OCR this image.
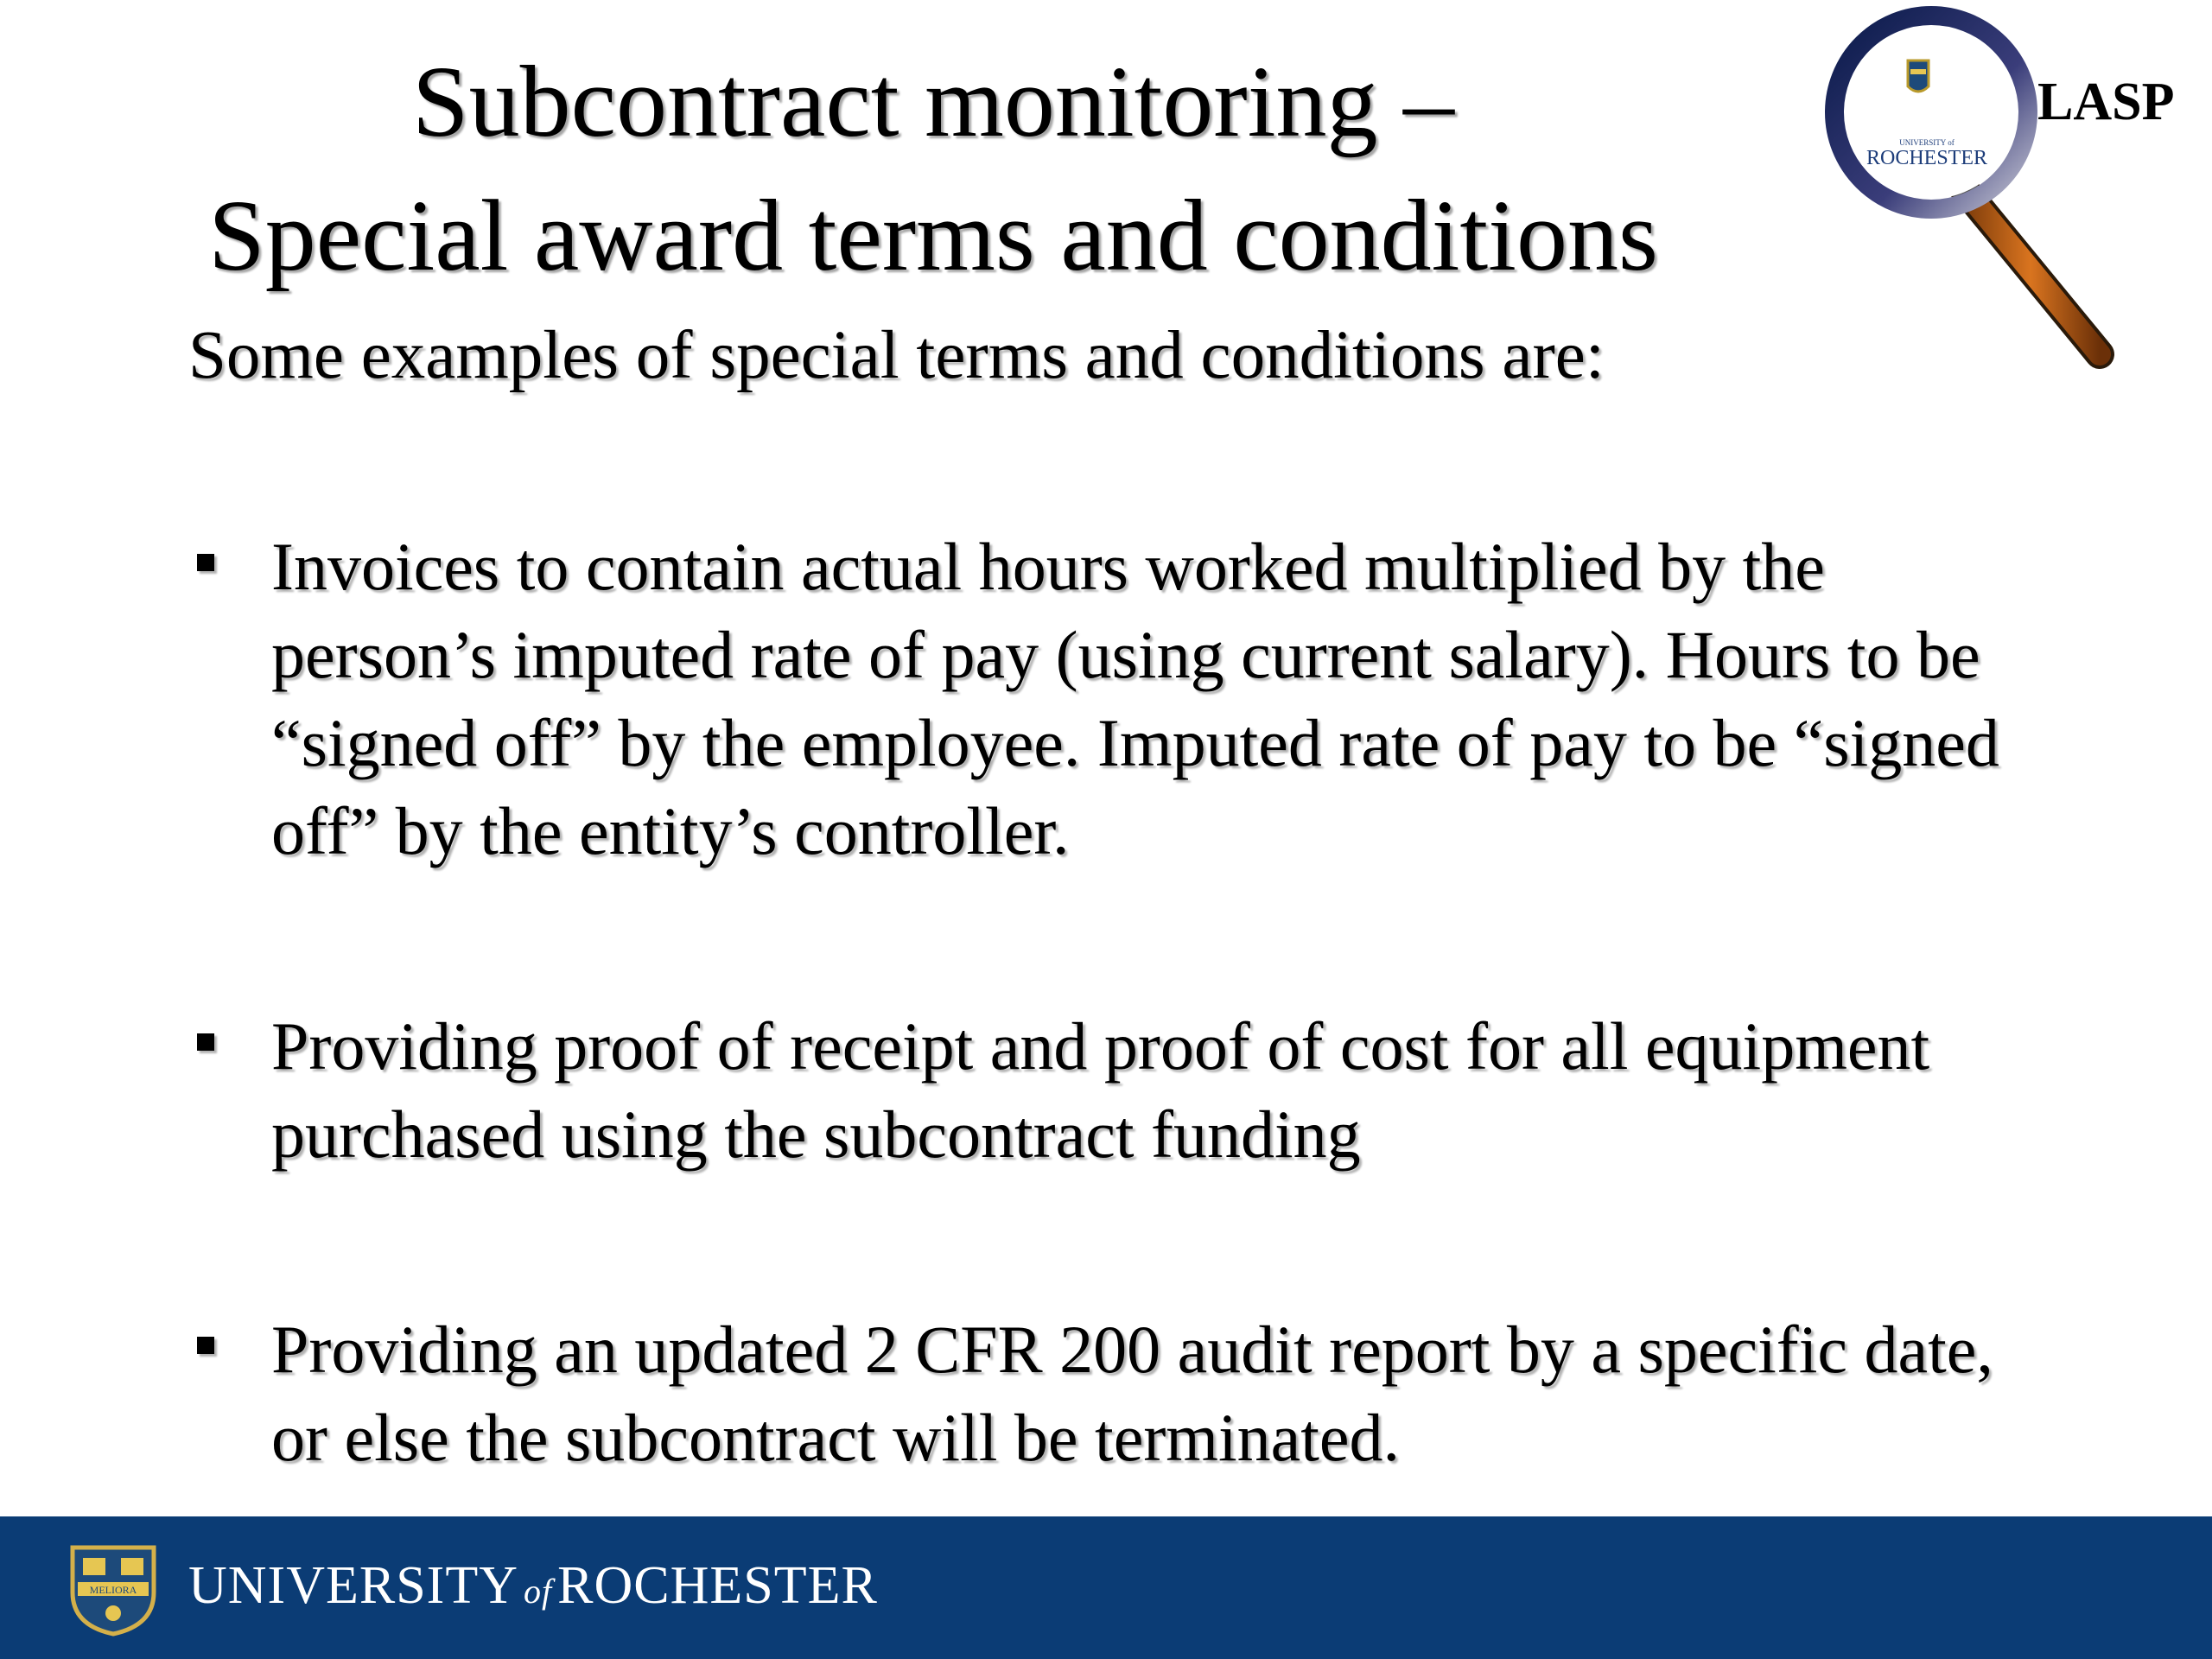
Subcontract monitoring –
Special award terms and conditions
UNIVERSITY of
ROCHESTER
LASP
Some examples of special terms and conditions are:
Invoices to contain actual hours worked multiplied by the person’s imputed rate of pay (using current salary). Hours to be “signed off” by the employee. Imputed rate of pay to be “signed off” by the entity’s controller.
Providing proof of receipt and proof of cost for all equipment purchased using the subcontract funding
Providing an updated 2 CFR 200 audit report by a specific date, or else the subcontract will be terminated.
MELIORA UNIVERSITY ofROCHESTER
